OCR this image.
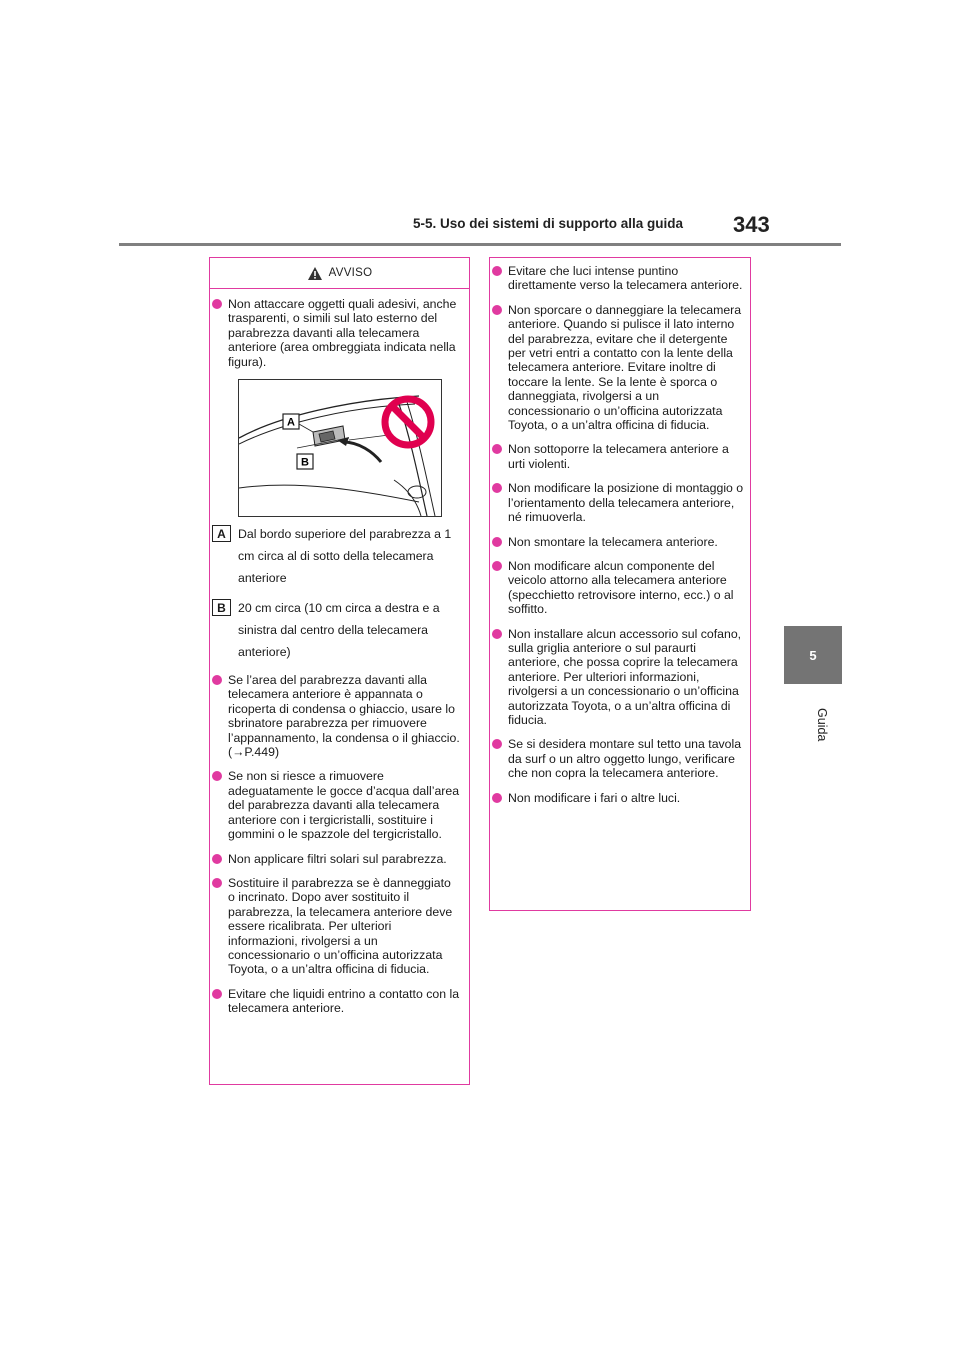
5-5. Uso dei sistemi di supporto alla guida 343
5
Guida
AVVISO
Non attaccare oggetti quali adesivi, anche trasparenti, o simili sul lato esterno del parabrezza davanti alla telecamera anteriore (area ombreggiata indicata nella figura).
A
B
A Dal bordo superiore del parabrezza a 1 cm circa al di sotto della telecamera anteriore
B 20 cm circa (10 cm circa a destra e a sinistra dal centro della telecamera anteriore)
Se l’area del parabrezza davanti alla telecamera anteriore è appannata o ricoperta di condensa o ghiaccio, usare lo sbrinatore parabrezza per rimuovere l’appannamento, la condensa o il ghiaccio. (→P.449)
Se non si riesce a rimuovere adeguatamente le gocce d’acqua dall’area del parabrezza davanti alla telecamera anteriore con i tergicristalli, sostituire i gommini o le spazzole del tergicristallo.
Non applicare filtri solari sul parabrezza.
Sostituire il parabrezza se è danneggiato o incrinato. Dopo aver sostituito il parabrezza, la telecamera anteriore deve essere ricalibrata. Per ulteriori informazioni, rivolgersi a un concessionario o un’officina autorizzata Toyota, o a un’altra officina di fiducia.
Evitare che liquidi entrino a contatto con la telecamera anteriore.
Evitare che luci intense puntino direttamente verso la telecamera anteriore.
Non sporcare o danneggiare la telecamera anteriore. Quando si pulisce il lato interno del parabrezza, evitare che il detergente per vetri entri a contatto con la lente della telecamera anteriore. Evitare inoltre di toccare la lente. Se la lente è sporca o danneggiata, rivolgersi a un concessionario o un’officina autorizzata Toyota, o a un’altra officina di fiducia.
Non sottoporre la telecamera anteriore a urti violenti.
Non modificare la posizione di montaggio o l’orientamento della telecamera anteriore, né rimuoverla.
Non smontare la telecamera anteriore.
Non modificare alcun componente del veicolo attorno alla telecamera anteriore (specchietto retrovisore interno, ecc.) o al soffitto.
Non installare alcun accessorio sul cofano, sulla griglia anteriore o sul paraurti anteriore, che possa coprire la telecamera anteriore. Per ulteriori informazioni, rivolgersi a un concessionario o un’officina autorizzata Toyota, o a un’altra officina di fiducia.
Se si desidera montare sul tetto una tavola da surf o un altro oggetto lungo, verificare che non copra la telecamera anteriore.
Non modificare i fari o altre luci.
